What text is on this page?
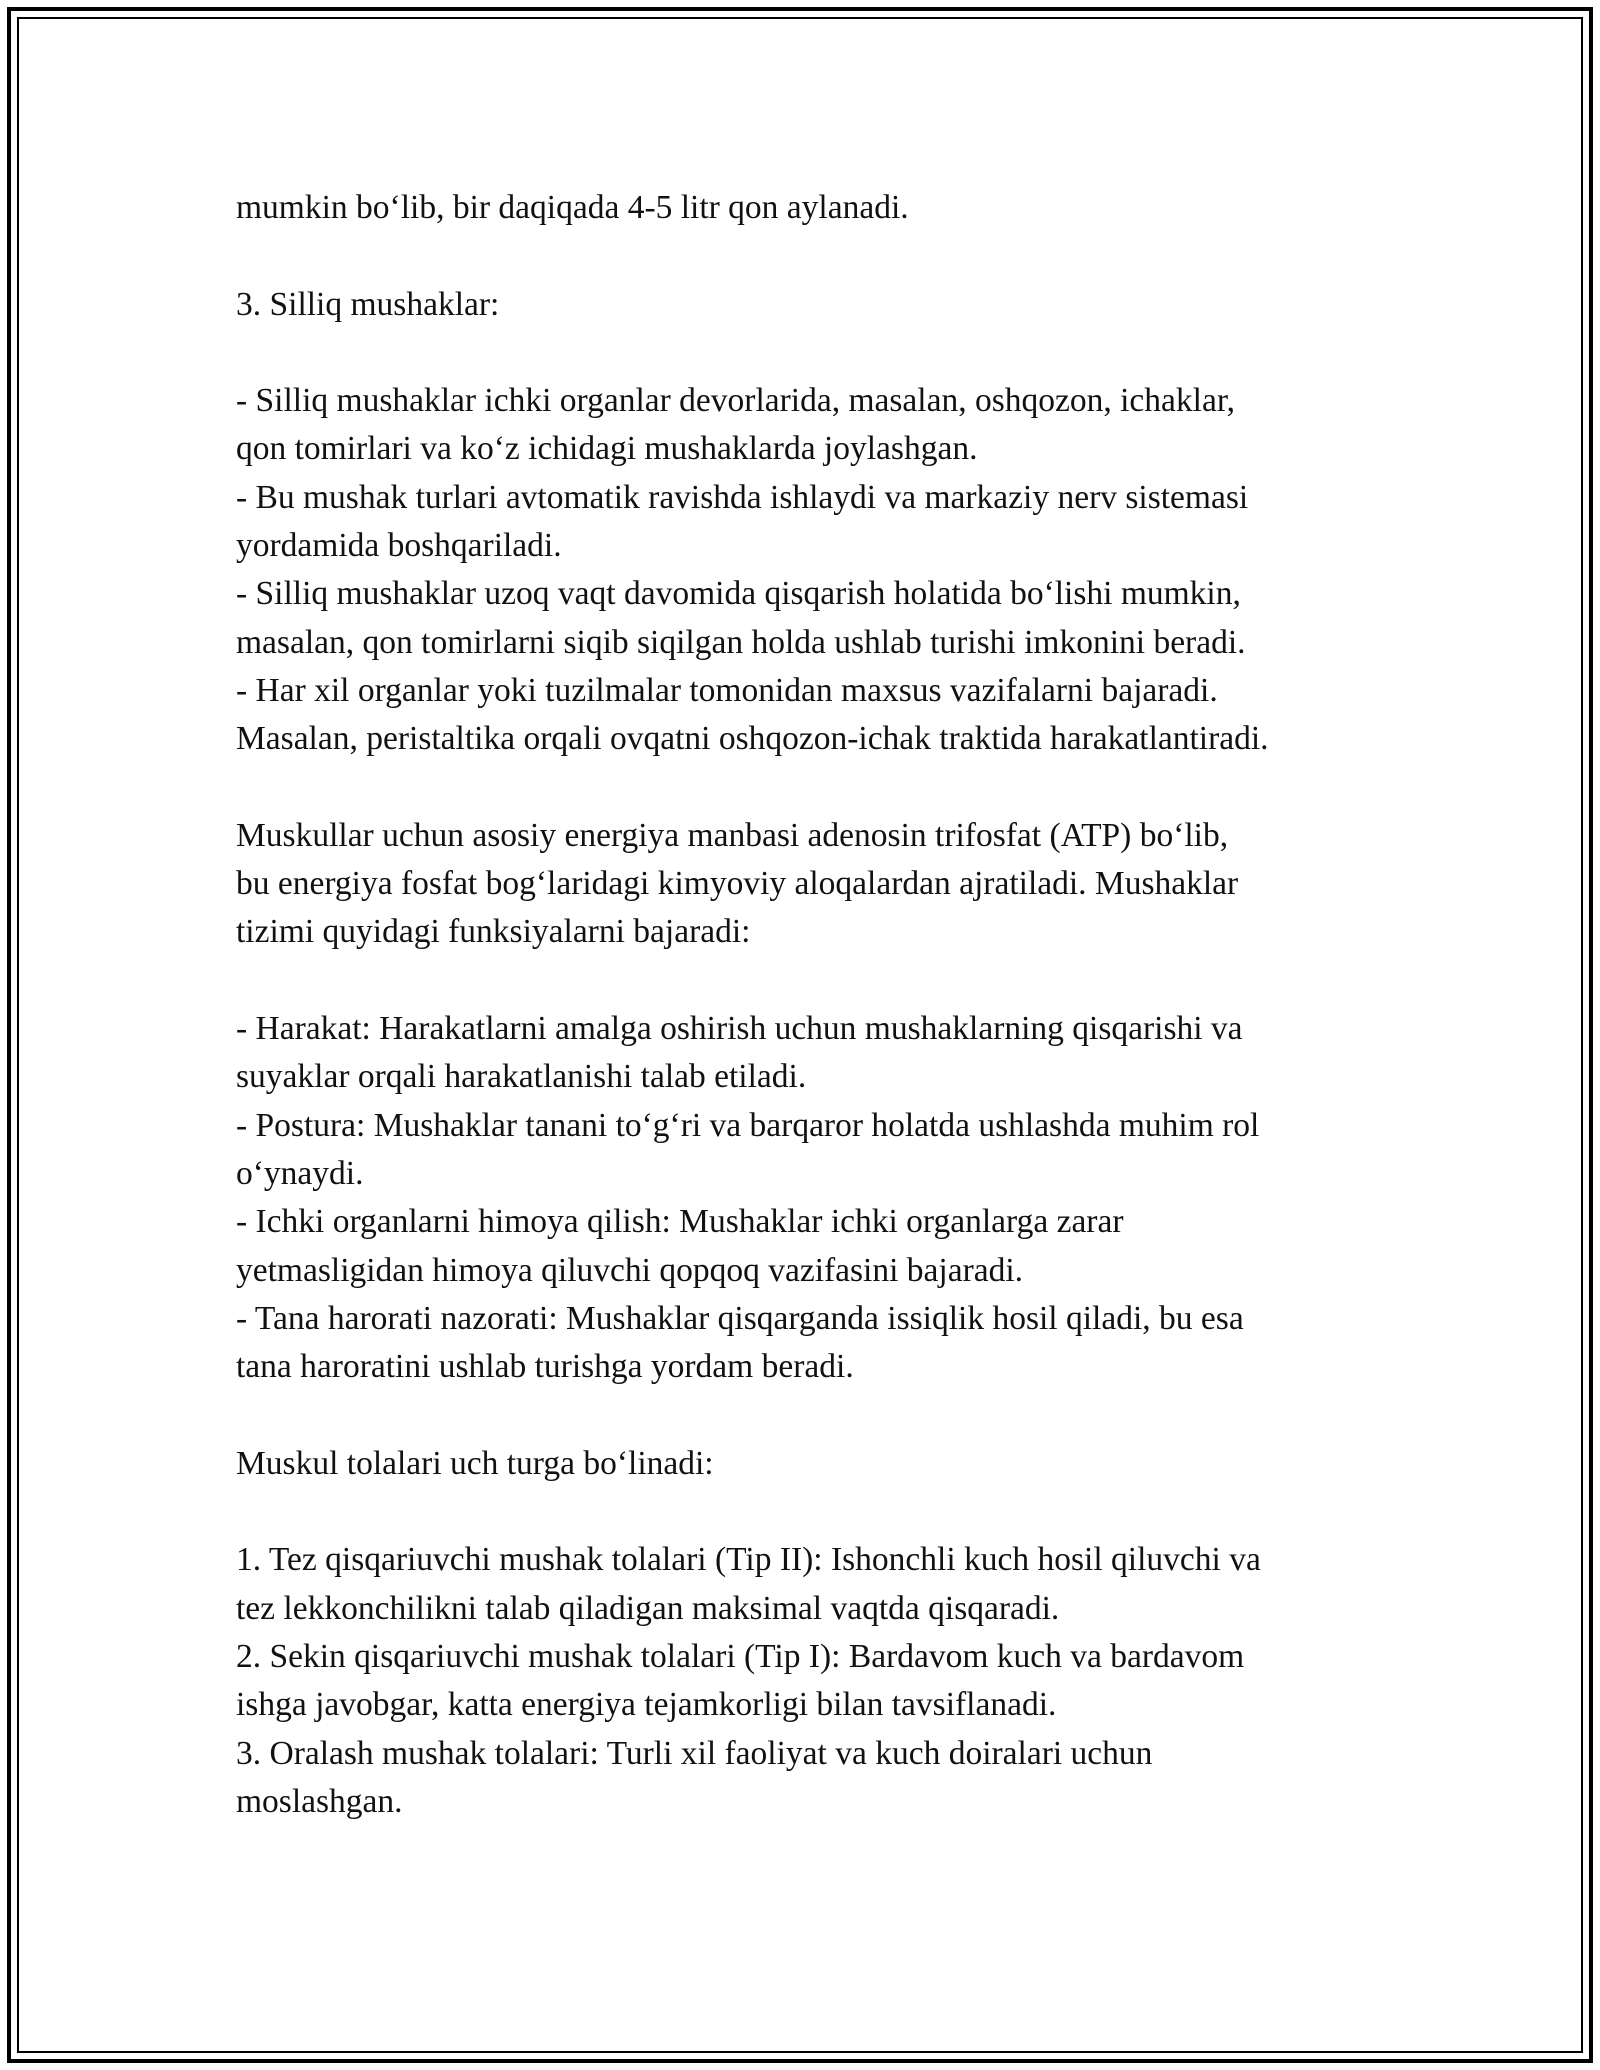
mumkin bo‘lib, bir daqiqada 4-5 litr qon aylanadi.
3. Silliq mushaklar:
- Silliq mushaklar ichki organlar devorlarida, masalan, oshqozon, ichaklar,
qon tomirlari va ko‘z ichidagi mushaklarda joylashgan.
- Bu mushak turlari avtomatik ravishda ishlaydi va markaziy nerv sistemasi
yordamida boshqariladi.
- Silliq mushaklar uzoq vaqt davomida qisqarish holatida bo‘lishi mumkin,
masalan, qon tomirlarni siqib siqilgan holda ushlab turishi imkonini beradi.
- Har xil organlar yoki tuzilmalar tomonidan maxsus vazifalarni bajaradi.
Masalan, peristaltika orqali ovqatni oshqozon-ichak traktida harakatlantiradi.
Muskullar uchun asosiy energiya manbasi adenosin trifosfat (ATP) bo‘lib,
bu energiya fosfat bog‘laridagi kimyoviy aloqalardan ajratiladi. Mushaklar
tizimi quyidagi funksiyalarni bajaradi:
- Harakat: Harakatlarni amalga oshirish uchun mushaklarning qisqarishi va
suyaklar orqali harakatlanishi talab etiladi.
- Postura: Mushaklar tanani to‘g‘ri va barqaror holatda ushlashda muhim rol
o‘ynaydi.
- Ichki organlarni himoya qilish: Mushaklar ichki organlarga zarar
yetmasligidan himoya qiluvchi qopqoq vazifasini bajaradi.
- Tana harorati nazorati: Mushaklar qisqarganda issiqlik hosil qiladi, bu esa
tana haroratini ushlab turishga yordam beradi.
Muskul tolalari uch turga bo‘linadi:
1. Tez qisqariuvchi mushak tolalari (Tip II): Ishonchli kuch hosil qiluvchi va
tez lekkonchilikni talab qiladigan maksimal vaqtda qisqaradi.
2. Sekin qisqariuvchi mushak tolalari (Tip I): Bardavom kuch va bardavom
ishga javobgar, katta energiya tejamkorligi bilan tavsiflanadi.
3. Oralash mushak tolalari: Turli xil faoliyat va kuch doiralari uchun
moslashgan.
